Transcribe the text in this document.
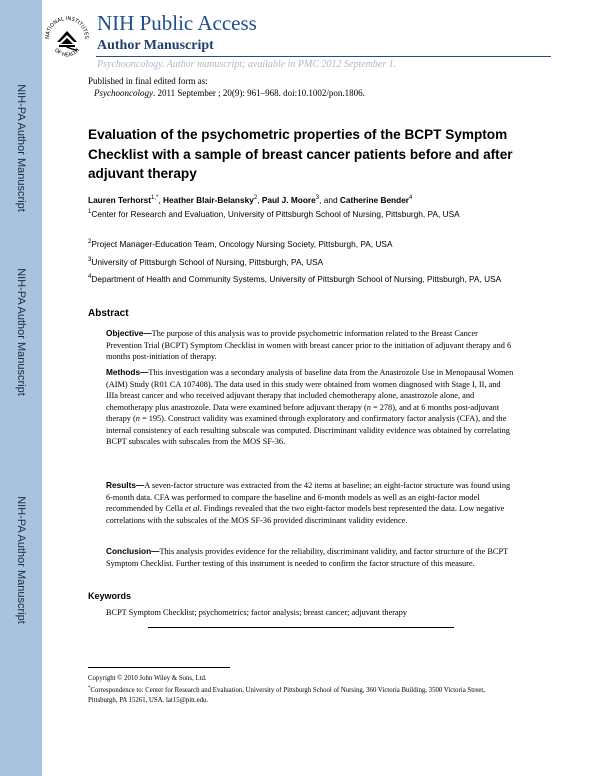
NIH-PA Author Manuscript
NIH-PA Author Manuscript
NIH-PA Author Manuscript
NATIONAL INSTITUTES
OF HEALTH
NIH Public Access
Author Manuscript
Psychooncology. Author manuscript; available in PMC 2012 September 1.
Published in final edited form as:
Psychooncology. 2011 September ; 20(9): 961–968. doi:10.1002/pon.1806.
Evaluation of the psychometric properties of the BCPT Symptom Checklist with a sample of breast cancer patients before and after adjuvant therapy
Lauren Terhorst$^{1,*}$, Heather Blair-Belansky$^2$, Paul J. Moore$^3$, and Catherine Bender$^4$
$^1$Center for Research and Evaluation, University of Pittsburgh School of Nursing, Pittsburgh, PA, USA
$^2$Project Manager-Education Team, Oncology Nursing Society, Pittsburgh, PA, USA
$^3$University of Pittsburgh School of Nursing, Pittsburgh, PA, USA
$^4$Department of Health and Community Systems, University of Pittsburgh School of Nursing, Pittsburgh, PA, USA
Abstract
Objective—The purpose of this analysis was to provide psychometric information related to the Breast Cancer Prevention Trial (BCPT) Symptom Checklist in women with breast cancer prior to the initiation of adjuvant therapy and 6 months post-initiation of therapy.
Methods—This investigation was a secondary analysis of baseline data from the Anastrozole Use in Menopausal Women (AIM) Study (R01 CA 107408). The data used in this study were obtained from women diagnosed with Stage I, II, and IIIa breast cancer and who received adjuvant therapy that included chemotherapy alone, anastrozole alone, and chemotherapy plus anastrozole. Data were examined before adjuvant therapy (n = 278), and at 6 months post-adjuvant therapy (n = 195). Construct validity was examined through exploratory and confirmatory factor analysis (CFA), and the internal consistency of each resulting subscale was computed. Discriminant validity evidence was obtained by correlating BCPT subscales with subscales from the MOS SF-36.
Results—A seven-factor structure was extracted from the 42 items at baseline; an eight-factor structure was found using 6-month data. CFA was performed to compare the baseline and 6-month models as well as an eight-factor model recommended by Cella et al. Findings revealed that the two eight-factor models best represented the data. Low negative correlations with the subscales of the MOS SF-36 provided discriminant validity evidence.
Conclusion—This analysis provides evidence for the reliability, discriminant validity, and factor structure of the BCPT Symptom Checklist. Further testing of this instrument is needed to confirm the factor structure of this measure.
Keywords
BCPT Symptom Checklist; psychometrics; factor analysis; breast cancer; adjuvant therapy
Copyright © 2010 John Wiley & Sons, Ltd.
*Correspondence to: Center for Research and Evaluation, University of Pittsburgh School of Nursing, 360 Victoria Building, 3500 Victoria Street, Pittsburgh, PA 15261, USA. lat15@pitt.edu.
